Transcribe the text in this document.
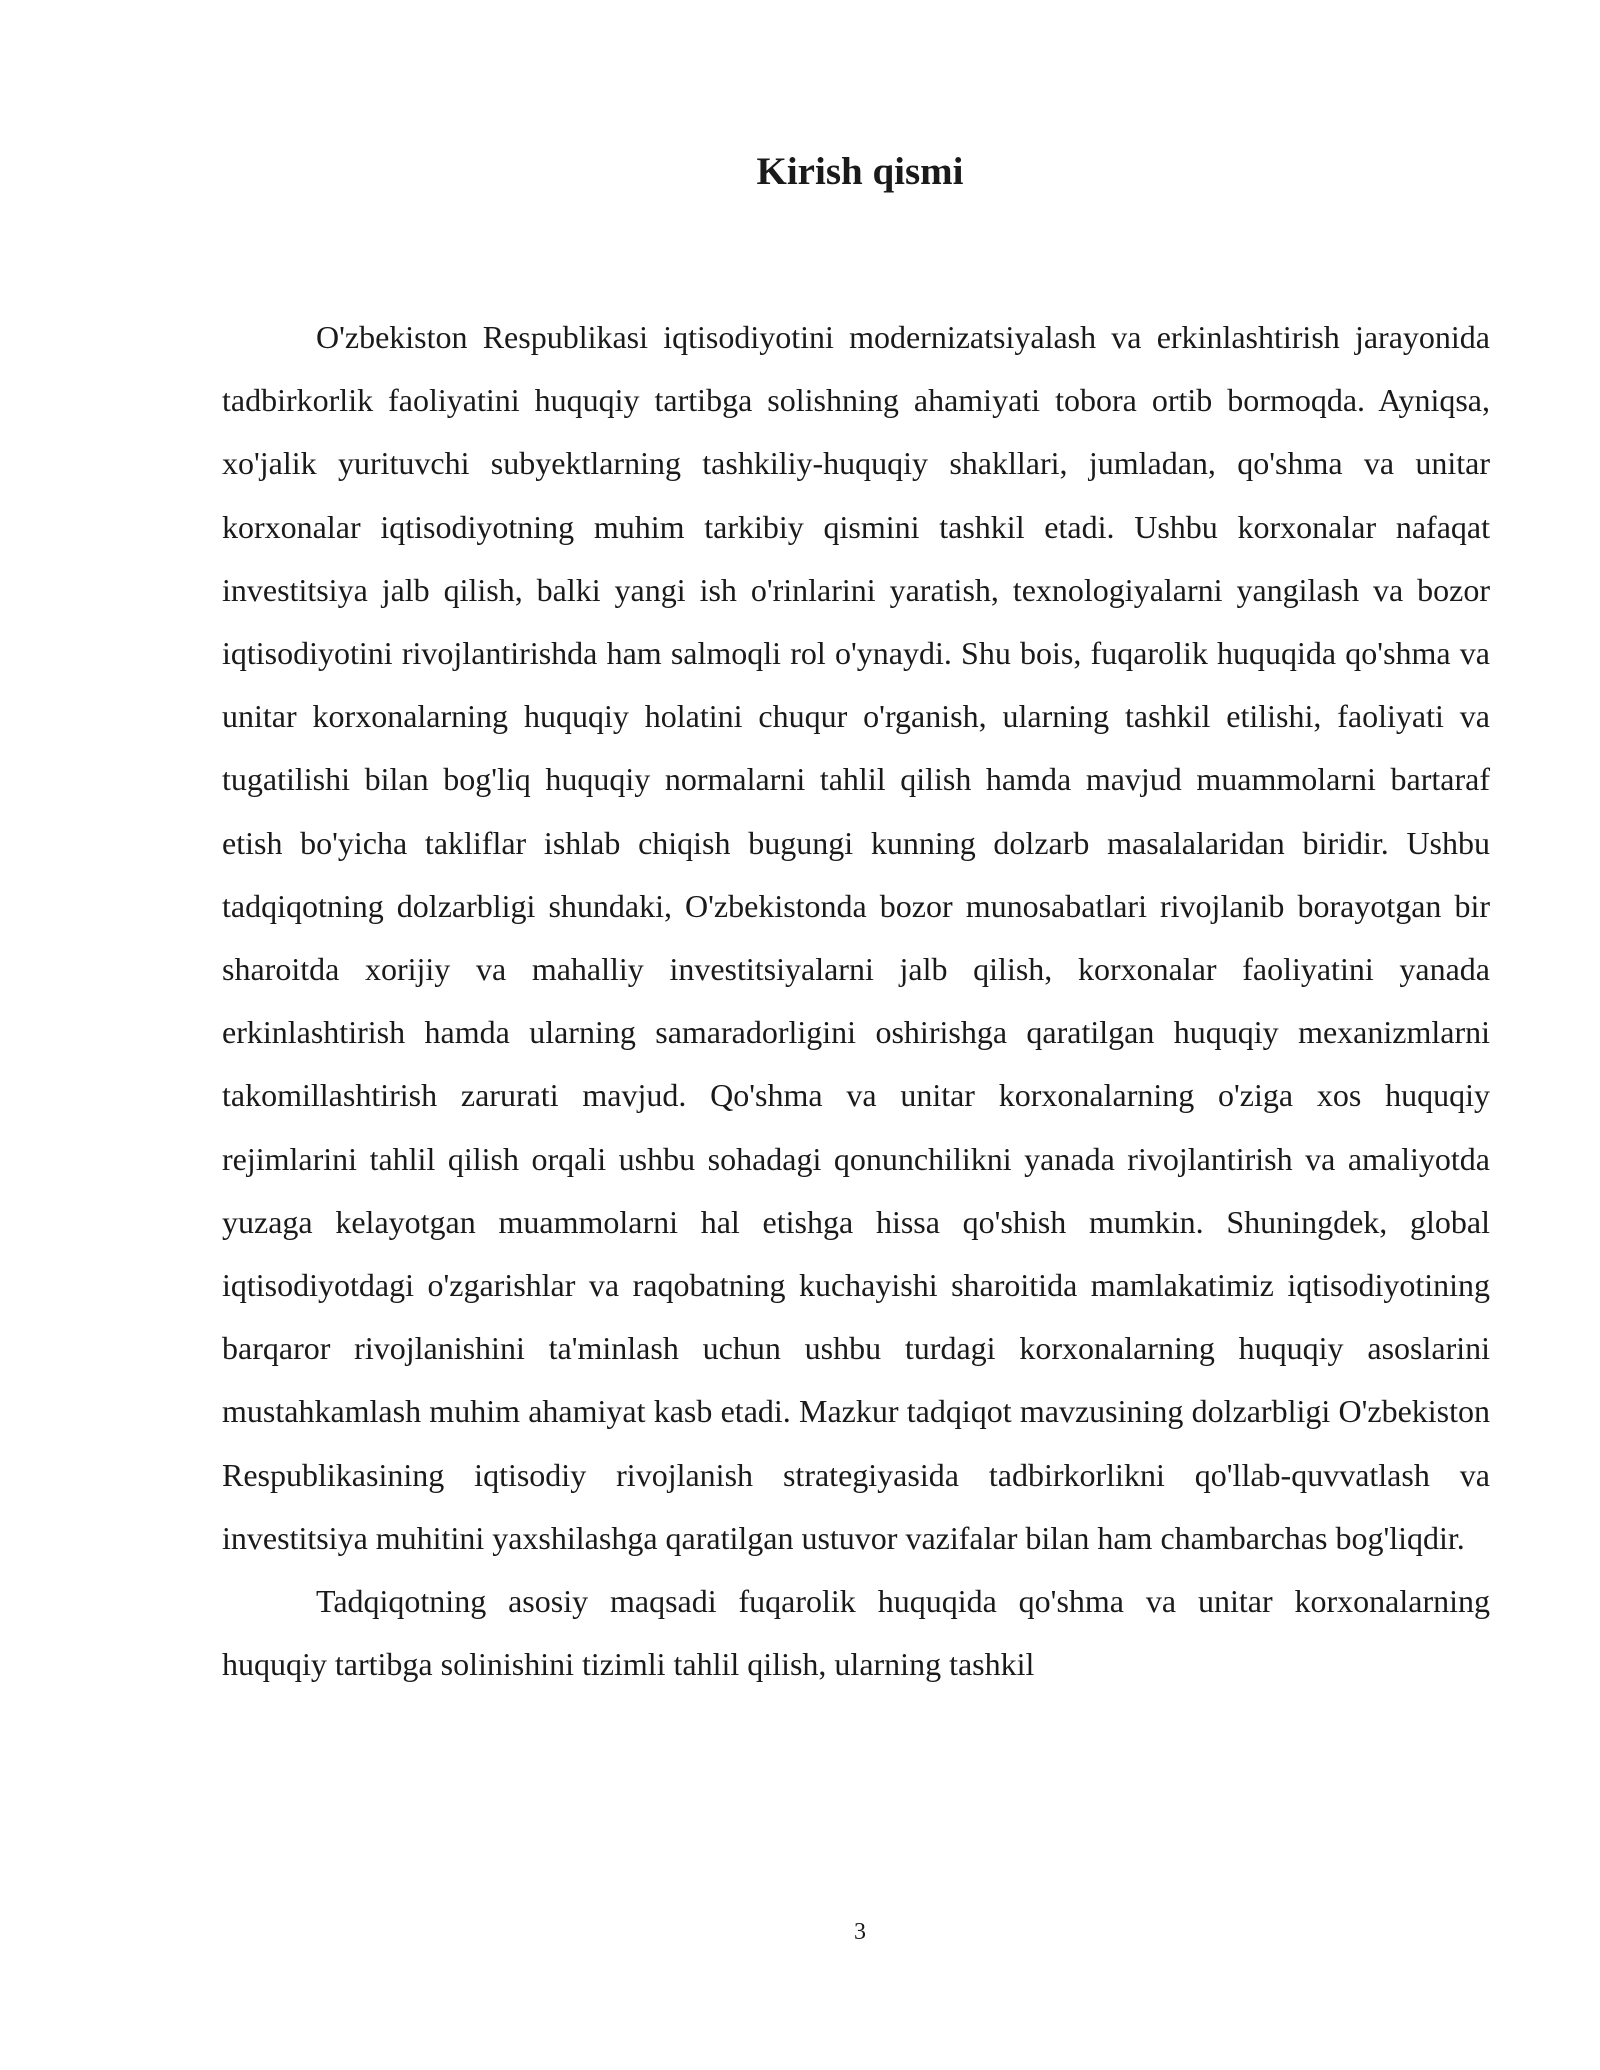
Kirish qismi

O'zbekiston Respublikasi iqtisodiyotini modernizatsiyalash va erkinlashtirish jarayonida tadbirkorlik faoliyatini huquqiy tartibga solishning ahamiyati tobora ortib bormoqda. Ayniqsa, xo'jalik yurituvchi subyektlarning tashkiliy-huquqiy shakllari, jumladan, qo'shma va unitar korxonalar iqtisodiyotning muhim tarkibiy qismini tashkil etadi. Ushbu korxonalar nafaqat investitsiya jalb qilish, balki yangi ish o'rinlarini yaratish, texnologiyalarni yangilash va bozor iqtisodiyotini rivojlantirishda ham salmoqli rol o'ynaydi. Shu bois, fuqarolik huquqida qo'shma va unitar korxonalarning huquqiy holatini chuqur o'rganish, ularning tashkil etilishi, faoliyati va tugatilishi bilan bog'liq huquqiy normalarni tahlil qilish hamda mavjud muammolarni bartaraf etish bo'yicha takliflar ishlab chiqish bugungi kunning dolzarb masalalaridan biridir. Ushbu tadqiqotning dolzarbligi shundaki, O'zbekistonda bozor munosabatlari rivojlanib borayotgan bir sharoitda xorijiy va mahalliy investitsiyalarni jalb qilish, korxonalar faoliyatini yanada erkinlashtirish hamda ularning samaradorligini oshirishga qaratilgan huquqiy mexanizmlarni takomillashtirish zarurati mavjud. Qo'shma va unitar korxonalarning o'ziga xos huquqiy rejimlarini tahlil qilish orqali ushbu sohadagi qonunchilikni yanada rivojlantirish va amaliyotda yuzaga kelayotgan muammolarni hal etishga hissa qo'shish mumkin. Shuningdek, global iqtisodiyotdagi o'zgarishlar va raqobatning kuchayishi sharoitida mamlakatimiz iqtisodiyotining barqaror rivojlanishini ta'minlash uchun ushbu turdagi korxonalarning huquqiy asoslarini mustahkamlash muhim ahamiyat kasb etadi. Mazkur tadqiqot mavzusining dolzarbligi O'zbekiston Respublikasining iqtisodiy rivojlanish strategiyasida tadbirkorlikni qo'llab-quvvatlash va investitsiya muhitini yaxshilashga qaratilgan ustuvor vazifalar bilan ham chambarchas bog'liqdir.

Tadqiqotning asosiy maqsadi fuqarolik huquqida qo'shma va unitar korxonalarning huquqiy tartibga solinishini tizimli tahlil qilish, ularning tashkil

3
